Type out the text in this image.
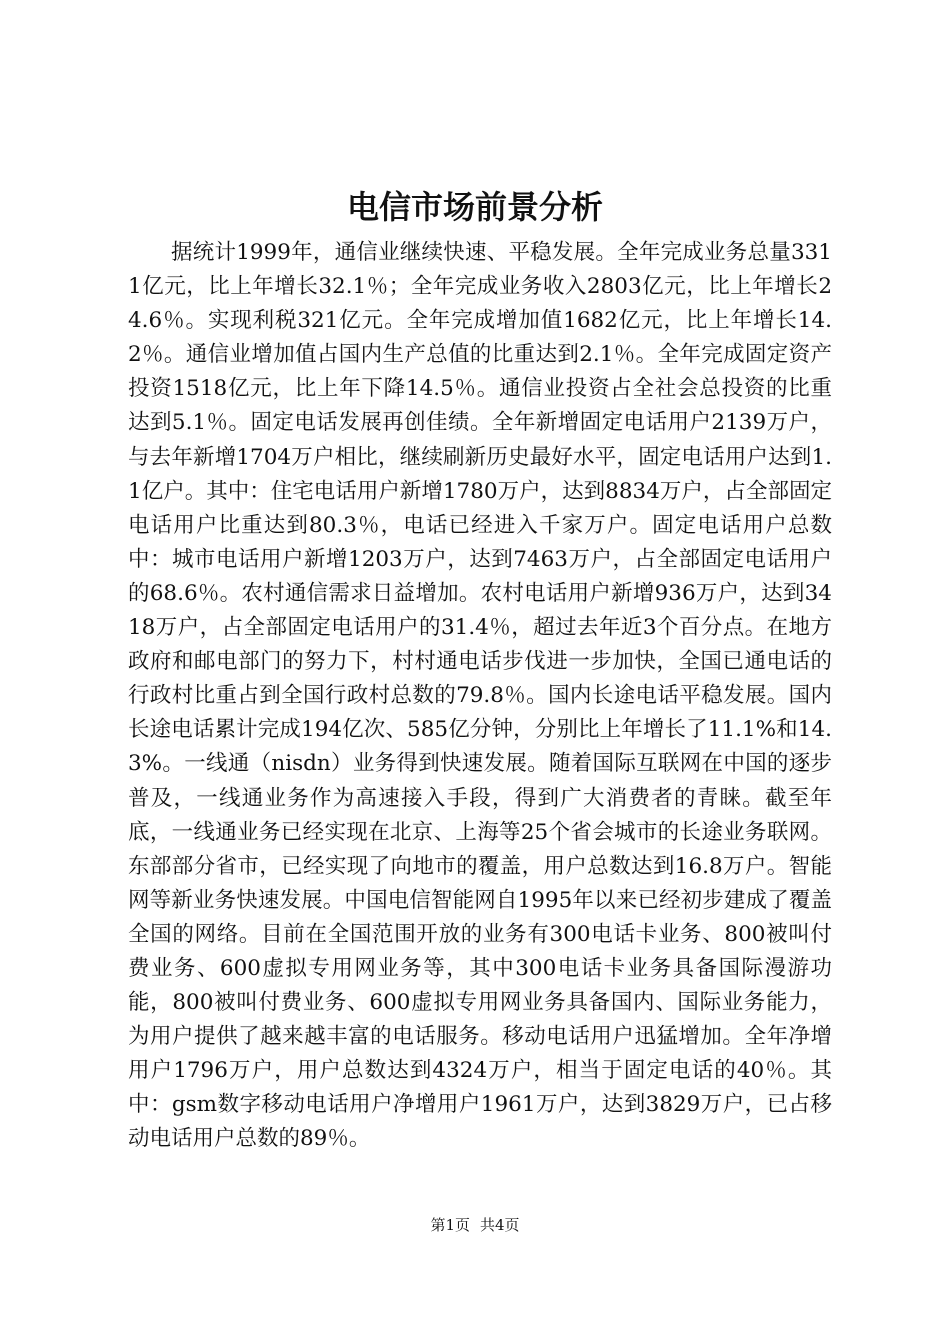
电信市场前景分析

据统计1999年，通信业继续快速、平稳发展。全年完成业务总量3311亿元，比上年增长32.1％；全年完成业务收入2803亿元，比上年增长24.6％。实现利税321亿元。全年完成增加值1682亿元，比上年增长14.2％。通信业增加值占国内生产总值的比重达到2.1％。全年完成固定资产投资1518亿元，比上年下降14.5％。通信业投资占全社会总投资的比重达到5.1％。固定电话发展再创佳绩。全年新增固定电话用户2139万户，与去年新增1704万户相比，继续刷新历史最好水平，固定电话用户达到1.1亿户。其中：住宅电话用户新增1780万户，达到8834万户，占全部固定电话用户比重达到80.3％，电话已经进入千家万户。固定电话用户总数中：城市电话用户新增1203万户，达到7463万户，占全部固定电话用户的68.6％。农村通信需求日益增加。农村电话用户新增936万户，达到3418万户，占全部固定电话用户的31.4％，超过去年近3个百分点。在地方政府和邮电部门的努力下，村村通电话步伐进一步加快，全国已通电话的行政村比重占到全国行政村总数的79.8％。国内长途电话平稳发展。国内长途电话累计完成194亿次、585亿分钟，分别比上年增长了11.1%和14.3%。一线通（nisdn）业务得到快速发展。随着国际互联网在中国的逐步普及，一线通业务作为高速接入手段，得到广大消费者的青睐。截至年底，一线通业务已经实现在北京、上海等25个省会城市的长途业务联网。东部部分省市，已经实现了向地市的覆盖，用户总数达到16.8万户。智能网等新业务快速发展。中国电信智能网自1995年以来已经初步建成了覆盖全国的网络。目前在全国范围开放的业务有300电话卡业务、800被叫付费业务、600虚拟专用网业务等，其中300电话卡业务具备国际漫游功能，800被叫付费业务、600虚拟专用网业务具备国内、国际业务能力，为用户提供了越来越丰富的电话服务。移动电话用户迅猛增加。全年净增用户1796万户，用户总数达到4324万户，相当于固定电话的40％。其中：gsm数字移动电话用户净增用户1961万户，达到3829万户，已占移动电话用户总数的89％。

第1页 共4页
